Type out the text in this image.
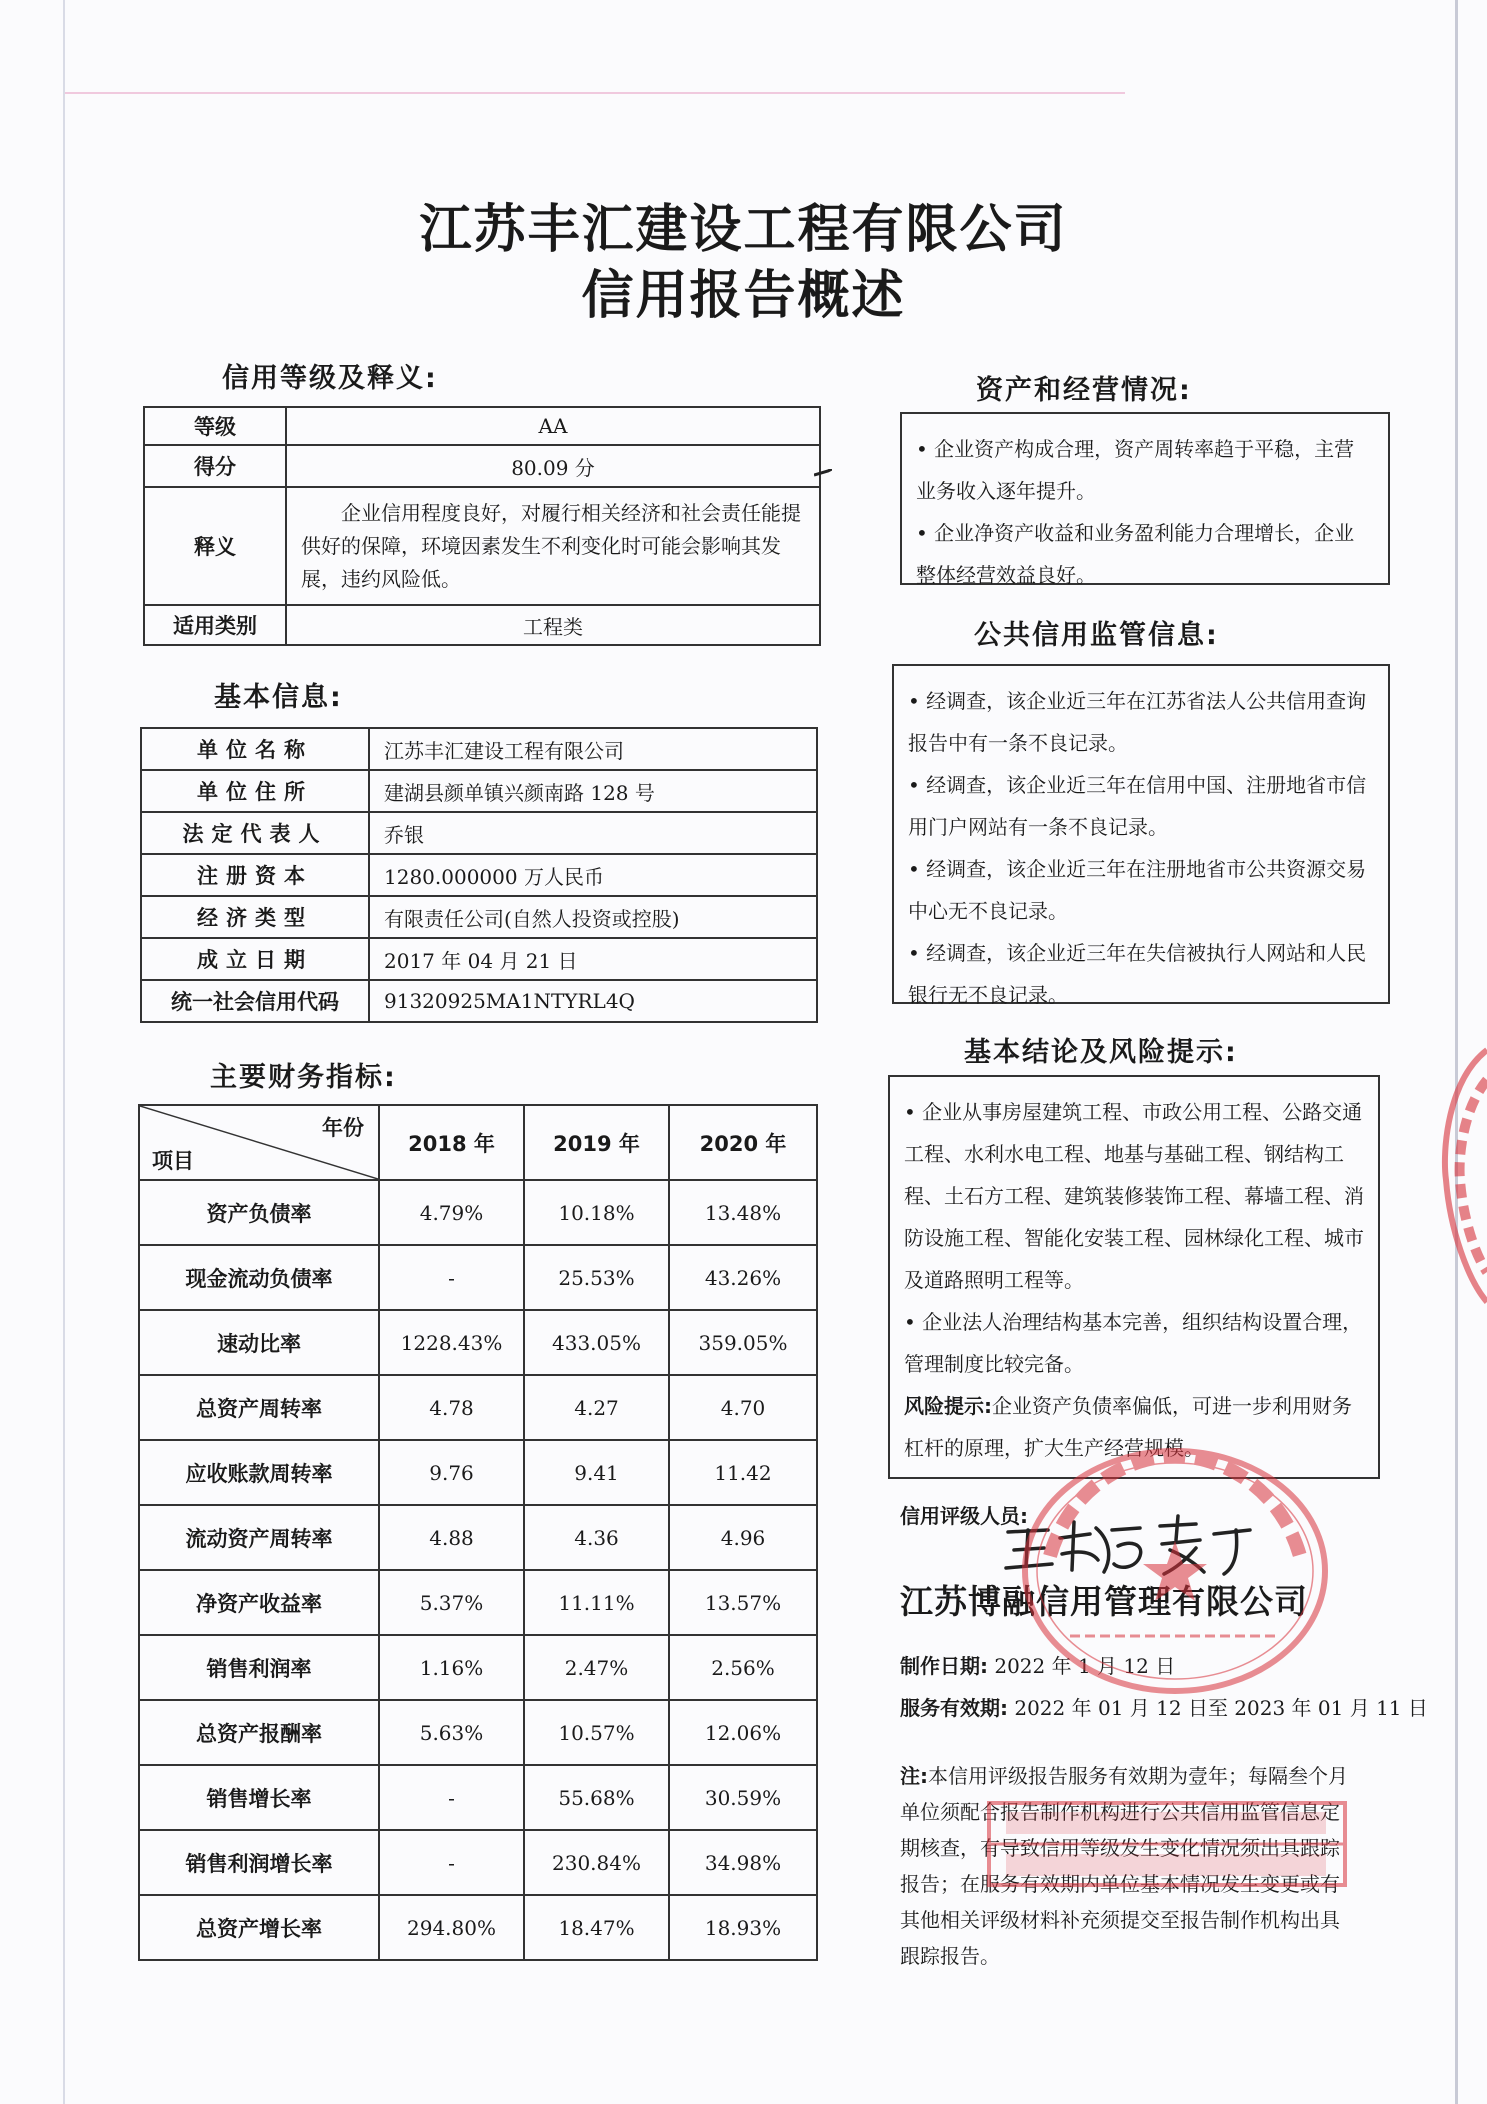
江苏丰汇建设工程有限公司
信用报告概述
信用等级及释义:
等级	AA
得分	80.09 分
释义	企业信用程度良好，对履行相关经济和社会责任能提供好的保障，环境因素发生不利变化时可能会影响其发展，违约风险低。
适用类别	工程类
基本信息:
单位名称	江苏丰汇建设工程有限公司
单位住所	建湖县颜单镇兴颜南路 128 号
法定代表人	乔银
注册资本	1280.000000 万人民币
经济类型	有限责任公司(自然人投资或控股)
成立日期	2017 年 04 月 21 日
统一社会信用代码	91320925MA1NTYRL4Q
主要财务指标:
年份
项目	2018 年	2019 年	2020 年
资产负债率	4.79%	10.18%	13.48%
现金流动负债率	-	25.53%	43.26%
速动比率	1228.43%	433.05%	359.05%
总资产周转率	4.78	4.27	4.70
应收账款周转率	9.76	9.41	11.42
流动资产周转率	4.88	4.36	4.96
净资产收益率	5.37%	11.11%	13.57%
销售利润率	1.16%	2.47%	2.56%
总资产报酬率	5.63%	10.57%	12.06%
销售增长率	-	55.68%	30.59%
销售利润增长率	-	230.84%	34.98%
总资产增长率	294.80%	18.47%	18.93%
资产和经营情况:
• 企业资产构成合理，资产周转率趋于平稳，主营业务收入逐年提升。
• 企业净资产收益和业务盈利能力合理增长，企业整体经营效益良好。
公共信用监管信息:
• 经调查，该企业近三年在江苏省法人公共信用查询报告中有一条不良记录。
• 经调查，该企业近三年在信用中国、注册地省市信用门户网站有一条不良记录。
• 经调查，该企业近三年在注册地省市公共资源交易中心无不良记录。
• 经调查，该企业近三年在失信被执行人网站和人民银行无不良记录。
基本结论及风险提示:
• 企业从事房屋建筑工程、市政公用工程、公路交通工程、水利水电工程、地基与基础工程、钢结构工程、土石方工程、建筑装修装饰工程、幕墙工程、消防设施工程、智能化安装工程、园林绿化工程、城市及道路照明工程等。
• 企业法人治理结构基本完善，组织结构设置合理，管理制度比较完备。
风险提示:企业资产负债率偏低，可进一步利用财务杠杆的原理，扩大生产经营规模。
信用评级人员:
江苏博融信用管理有限公司
制作日期: 2022 年 1 月 12 日
服务有效期: 2022 年 01 月 12 日至 2023 年 01 月 11 日
注:本信用评级报告服务有效期为壹年；每隔叁个月单位须配合报告制作机构进行公共信用监管信息定期核查，有导致信用等级发生变化情况须出具跟踪报告；在服务有效期内单位基本情况发生变更或有其他相关评级材料补充须提交至报告制作机构出具跟踪报告。
